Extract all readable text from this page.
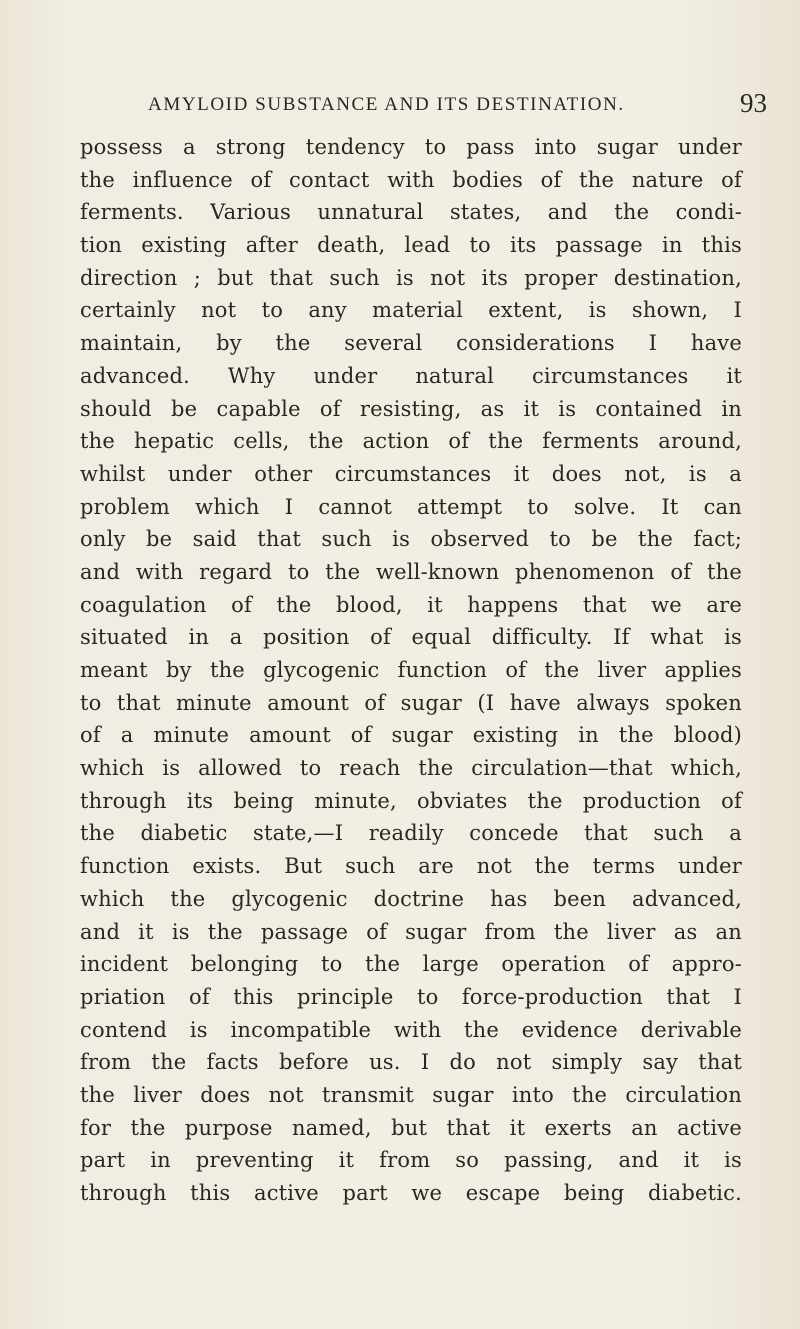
AMYLOID SUBSTANCE AND ITS DESTINATION.	93
possess a strong tendency to pass into sugar under
the influence of contact with bodies of the nature of
ferments. Various unnatural states, and the condi-
tion existing after death, lead to its passage in this
direction ; but that such is not its proper destination,
certainly not to any material extent, is shown, I
maintain, by the several considerations I have
advanced. Why under natural circumstances it
should be capable of resisting, as it is contained in
the hepatic cells, the action of the ferments around,
whilst under other circumstances it does not, is a
problem which I cannot attempt to solve. It can
only be said that such is observed to be the fact;
and with regard to the well-known phenomenon of the
coagulation of the blood, it happens that we are
situated in a position of equal difficulty. If what is
meant by the glycogenic function of the liver applies
to that minute amount of sugar (I have always spoken
of a minute amount of sugar existing in the blood)
which is allowed to reach the circulation—that which,
through its being minute, obviates the production of
the diabetic state,—I readily concede that such a
function exists. But such are not the terms under
which the glycogenic doctrine has been advanced,
and it is the passage of sugar from the liver as an
incident belonging to the large operation of appro-
priation of this principle to force-production that I
contend is incompatible with the evidence derivable
from the facts before us. I do not simply say that
the liver does not transmit sugar into the circulation
for the purpose named, but that it exerts an active
part in preventing it from so passing, and it is
through this active part we escape being diabetic.
